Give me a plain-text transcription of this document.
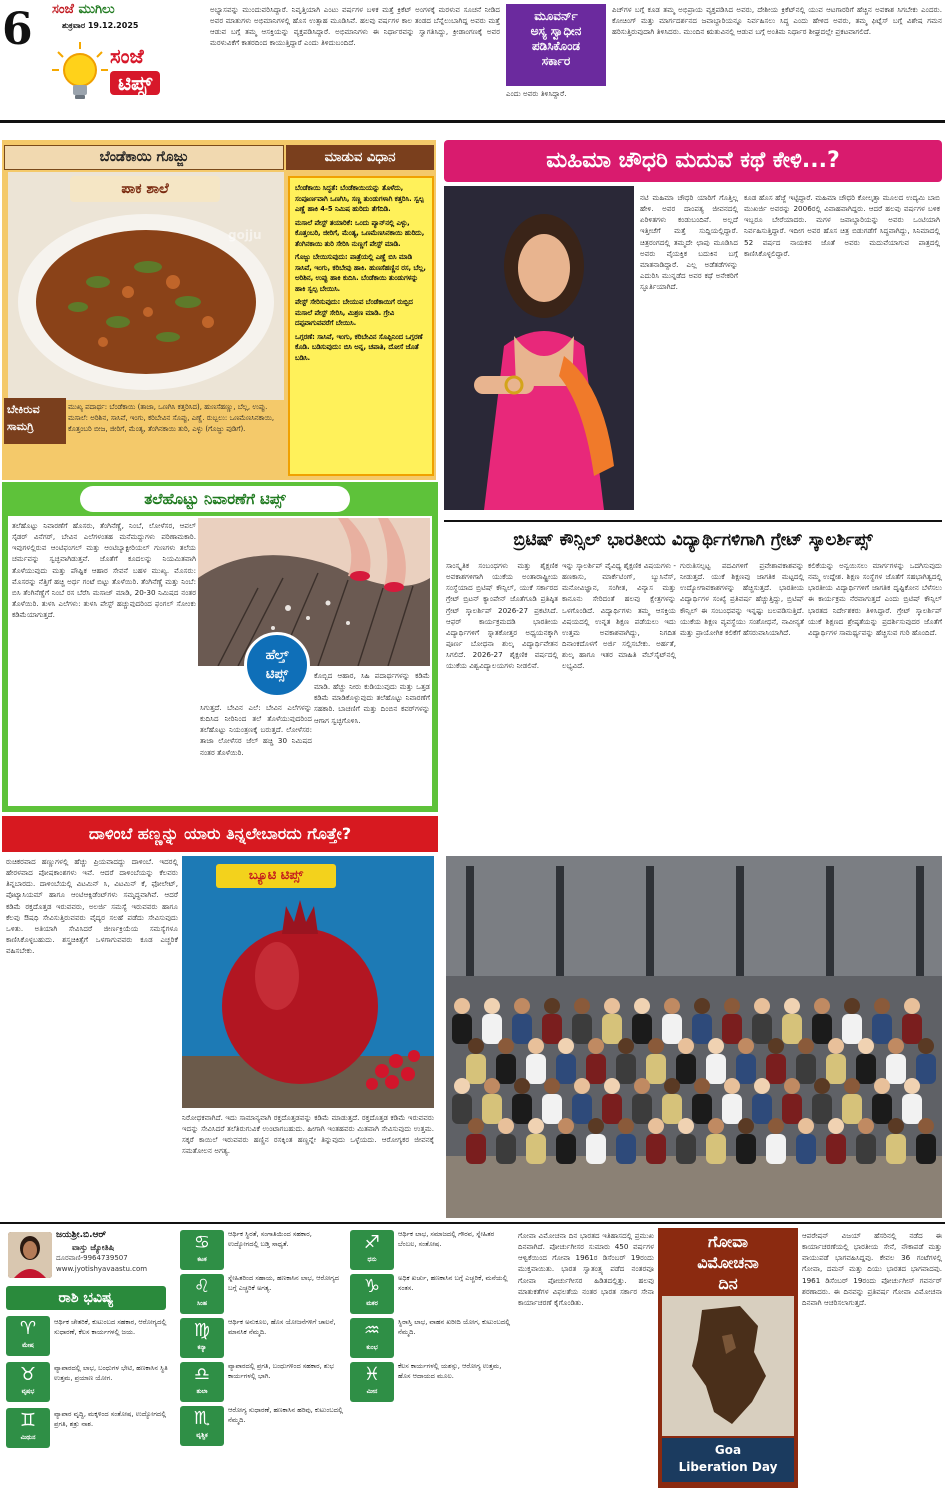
6	ಸಂಜೆ ಮುಗಿಲು
ಶುಕ್ರವಾರ 19.12.2025
ಸಂಜೆ
ಟಿಪ್ಸ್
ಅಭ್ಯಾಸವನ್ನು ಮುಂದುವರಿಸಿದ್ದಾರೆ. ನಿವೃತ್ತಿಯಾಗಿ ಎಂಟು ವರ್ಷಗಳ ಬಳಿಕ ಮತ್ತೆ ಕ್ರಿಕೆಟ್ ಅಂಗಳಕ್ಕೆ ಮರಳುವ ಸೂಚನೆ ನೀಡಿದ ಅವರ ಮಾತುಗಳು ಅಭಿಮಾನಿಗಳಲ್ಲಿ ಹೊಸ ಉತ್ಸಾಹ ಮೂಡಿಸಿವೆ. ಹಲವು ವರ್ಷಗಳ ಕಾಲ ತಂಡದ ಬೆನ್ನೆಲುಬಾಗಿದ್ದ ಅವರು ಮತ್ತೆ ಆಡುವ ಬಗ್ಗೆ ತಮ್ಮ ಆಸಕ್ತಿಯನ್ನು ವ್ಯಕ್ತಪಡಿಸಿದ್ದಾರೆ. ಅಭಿಮಾನಿಗಳು ಈ ನಿರ್ಧಾರವನ್ನು ಸ್ವಾಗತಿಸಿದ್ದು, ಕ್ರೀಡಾಂಗಣಕ್ಕೆ ಅವರ ಮರಳುವಿಕೆಗೆ ಕಾತರದಿಂದ ಕಾಯುತ್ತಿದ್ದಾರೆ ಎಂದು ತಿಳಿದುಬಂದಿದೆ.
ಮೂವರ್ನ್
ಅಸ್ಯ ಸ್ವಾಧೀನ
ಪಡಿಸಿಕೊಂಡ
ಸರ್ಕಾರ
ಎಂದು ಅವರು ತಿಳಿಸಿದ್ದಾರೆ.
ಪಿಚ್‌ಗಳ ಬಗ್ಗೆ ಕೂಡ ತಮ್ಮ ಅಭಿಪ್ರಾಯ ವ್ಯಕ್ತಪಡಿಸಿದ ಅವರು, ದೇಶೀಯ ಕ್ರಿಕೆಟ್‌ನಲ್ಲಿ ಯುವ ಆಟಗಾರರಿಗೆ ಹೆಚ್ಚಿನ ಅವಕಾಶ ಸಿಗಬೇಕು ಎಂದರು. ಕೋಚಿಂಗ್ ಮತ್ತು ಮಾರ್ಗದರ್ಶನದ ಜವಾಬ್ದಾರಿಯನ್ನೂ ನಿರ್ವಹಿಸಲು ಸಿದ್ಧ ಎಂದು ಹೇಳಿದ ಅವರು, ತಮ್ಮ ಫಿಟ್ನೆಸ್ ಬಗ್ಗೆ ವಿಶೇಷ ಗಮನ ಹರಿಸುತ್ತಿರುವುದಾಗಿ ತಿಳಿಸಿದರು. ಮುಂದಿನ ಋತುವಿನಲ್ಲಿ ಆಡುವ ಬಗ್ಗೆ ಅಂತಿಮ ನಿರ್ಧಾರ ಶೀಘ್ರದಲ್ಲೇ ಪ್ರಕಟವಾಗಲಿದೆ.
ಬೆಂಡೆಕಾಯಿ ಗೊಜ್ಜು	ಮಾಡುವ ವಿಧಾನ
ಪಾಕ ಶಾಲೆ
gojju
ಬೇಕಿರುವ
ಸಾಮಗ್ರಿ
ಮುಖ್ಯ ಪದಾರ್ಥ: ಬೆಂಡೆಕಾಯಿ (ತಾಜಾ, ಒಣಗಿಸಿ ಕತ್ತರಿಸಿದ), ಹುಣಸೆಹಣ್ಣು, ಬೆಲ್ಲ, ಉಪ್ಪು. ಮಸಾಲೆ: ಅರಿಶಿನ, ಸಾಸಿವೆ, ಇಂಗು, ಕರಿಬೇವಿನ ಸೊಪ್ಪು, ಎಣ್ಣೆ. ರುಬ್ಬಲು: ಒಣಮೆಣಸಿನಕಾಯಿ, ಕೊತ್ತಂಬರಿ ಬೀಜ, ಜೀರಿಗೆ, ಮೆಂತ್ಯ, ತೆಂಗಿನಕಾಯಿ ತುರಿ, ಎಳ್ಳು (ಗೊಜ್ಜು ಪುಡಿಗೆ).

ಬೆಂಡೆಕಾಯಿ ಸಿದ್ಧತೆ: ಬೆಂಡೆಕಾಯಿಯನ್ನು ತೊಳೆದು, ಸಂಪೂರ್ಣವಾಗಿ ಒಣಗಿಸಿ, ಸಣ್ಣ ತುಂಡುಗಳಾಗಿ ಕತ್ತರಿಸಿ. ಸ್ವಲ್ಪ ಎಣ್ಣೆ ಹಾಕಿ 4-5 ನಿಮಿಷ ಹುರಿದು ತೆಗೆದಿಡಿ.

ಮಸಾಲೆ ಪೇಸ್ಟ್ ತಯಾರಿಕೆ: ಒಂದು ಪ್ಯಾನ್‌ನಲ್ಲಿ ಎಳ್ಳು, ಕೊತ್ತಂಬರಿ, ಜೀರಿಗೆ, ಮೆಂತ್ಯ, ಒಣಮೆಣಸಿನಕಾಯಿ ಹುರಿದು, ತೆಂಗಿನಕಾಯಿ ತುರಿ ಸೇರಿಸಿ ನುಣ್ಣಗೆ ಪೇಸ್ಟ್ ಮಾಡಿ.

ಗೊಜ್ಜು ಬೇಯಿಸುವುದು: ಪಾತ್ರೆಯಲ್ಲಿ ಎಣ್ಣೆ ಬಿಸಿ ಮಾಡಿ ಸಾಸಿವೆ, ಇಂಗು, ಕರಿಬೇವು ಹಾಕಿ. ಹುಣಸೆಹಣ್ಣಿನ ರಸ, ಬೆಲ್ಲ, ಅರಿಶಿನ, ಉಪ್ಪು ಹಾಕಿ ಕುದಿಸಿ. ಬೆಂಡೆಕಾಯಿ ತುಂಡುಗಳನ್ನು ಹಾಕಿ ಸ್ವಲ್ಪ ಬೇಯಿಸಿ.

ಪೇಸ್ಟ್ ಸೇರಿಸುವುದು: ಬೇಯುವ ಬೆಂಡೆಕಾಯಿಗೆ ರುಬ್ಬಿದ ಮಸಾಲೆ ಪೇಸ್ಟ್ ಸೇರಿಸಿ, ಮಿಶ್ರಣ ಮಾಡಿ. ಗ್ರೇವಿ ದಪ್ಪವಾಗುವವರೆಗೆ ಬೇಯಿಸಿ.

ಒಗ್ಗರಣೆ: ಸಾಸಿವೆ, ಇಂಗು, ಕರಿಬೇವಿನ ಸೊಪ್ಪಿನಿಂದ ಒಗ್ಗರಣೆ ಕೊಡಿ. ಬಡಿಸುವುದು: ಬಿಸಿ ಅನ್ನ, ಚಪಾತಿ, ದೋಸೆ ಜೊತೆ ಬಡಿಸಿ.

ಮಹಿಮಾ ಚೌಧರಿ ಮದುವೆ ಕಥೆ ಕೇಳಿ...?
ನಟಿ ಮಹಿಮಾ ಚೌಧರಿ ಯಾರಿಗೆ ಗೊತ್ತಿಲ್ಲ ಹೇಳಿ. ಅವರ ದಾಂಪತ್ಯ ಜೀವನದಲ್ಲಿ ಏರಿಳಿತಗಳು ಕಂಡುಬಂದಿವೆ. ಅಲ್ಲದೆ ಇತ್ತೀಚೆಗೆ ಮತ್ತೆ ಸುದ್ದಿಯಲ್ಲಿದ್ದಾರೆ. ಚಿತ್ರರಂಗದಲ್ಲಿ ತಮ್ಮದೇ ಛಾಪು ಮೂಡಿಸಿದ ಅವರು ವೈಯಕ್ತಿಕ ಬದುಕಿನ ಬಗ್ಗೆ ಮಾತನಾಡಿದ್ದಾರೆ. ಎಲ್ಲ ಅಡೆತಡೆಗಳನ್ನು ಎದುರಿಸಿ ಮುನ್ನಡೆದ ಅವರ ಕಥೆ ಅನೇಕರಿಗೆ ಸ್ಫೂರ್ತಿಯಾಗಿದೆ.
ಕೂಡ ಹೊಸ ಹೆಜ್ಜೆ ಇಟ್ಟಿದ್ದಾರೆ. ಮಹಿಮಾ ಚೌಧರಿ ಕೋಲ್ಕತ್ತಾ ಮೂಲದ ಉದ್ಯಮಿ ಬಾಬಿ ಮುಖರ್ಜಿ ಅವರನ್ನು 2006ರಲ್ಲಿ ವಿವಾಹವಾಗಿದ್ದರು. ಆದರೆ ಹಲವು ವರ್ಷಗಳ ಬಳಿಕ ಇಬ್ಬರೂ ಬೇರೆಯಾದರು. ಮಗಳ ಜವಾಬ್ದಾರಿಯನ್ನು ಅವರು ಒಂಟಿಯಾಗಿ ನಿರ್ವಹಿಸುತ್ತಿದ್ದಾರೆ. ಇದೀಗ ಅವರ ಹೊಸ ಚಿತ್ರ ಬಿಡುಗಡೆಗೆ ಸಿದ್ಧವಾಗಿದ್ದು, ಸಿನಿಮಾದಲ್ಲಿ 52 ವರ್ಷದ ನಾಯಕನ ಜೊತೆ ಅವರು ಮದುವೆಯಾಗುವ ಪಾತ್ರದಲ್ಲಿ ಕಾಣಿಸಿಕೊಳ್ಳಲಿದ್ದಾರೆ.
ತಲೆಹೊಟ್ಟು ನಿವಾರಣೆಗೆ ಟಿಪ್ಸ್
ತಲೆಹೊಟ್ಟು ನಿವಾರಣೆಗೆ ಹೊಸರು, ತೆಂಗಿನೆಣ್ಣೆ, ನಿಂಬೆ, ಲೋಳೆಸರ, ಆಪಲ್ ಸೈಡರ್ ವಿನೆಗರ್, ಬೇವಿನ ಎಲೆಗಳಂತಹ ಮನೆಮದ್ದುಗಳು ಪರಿಣಾಮಕಾರಿ. ಇವುಗಳಲ್ಲಿರುವ ಆಂಟಿಫಂಗಲ್ ಮತ್ತು ಆಂಟಿಬ್ಯಾಕ್ಟೀರಿಯಲ್ ಗುಣಗಳು ತಲೆಯ ಚರ್ಮವನ್ನು ಸ್ವಚ್ಛವಾಗಿಡುತ್ತವೆ. ಜೊತೆಗೆ ಕೂದಲನ್ನು ನಿಯಮಿತವಾಗಿ ತೊಳೆಯುವುದು ಮತ್ತು ಪೌಷ್ಟಿಕ ಆಹಾರ ಸೇವನೆ ಬಹಳ ಮುಖ್ಯ. ಮೊಸರು: ಮೊಸರನ್ನು ನೆತ್ತಿಗೆ ಹಚ್ಚಿ ಅರ್ಧ ಗಂಟೆ ಬಿಟ್ಟು ತೊಳೆಯಿರಿ. ತೆಂಗಿನೆಣ್ಣೆ ಮತ್ತು ನಿಂಬೆ: ಬಿಸಿ ತೆಂಗಿನೆಣ್ಣೆಗೆ ನಿಂಬೆ ರಸ ಬೆರೆಸಿ ಮಸಾಜ್ ಮಾಡಿ, 20-30 ನಿಮಿಷದ ನಂತರ ತೊಳೆಯಿರಿ. ತುಳಸಿ ಎಲೆಗಳು: ತುಳಸಿ ಪೇಸ್ಟ್ ಹಚ್ಚುವುದರಿಂದ ಫಂಗಲ್ ಸೋಂಕು ಕಡಿಮೆಯಾಗುತ್ತದೆ.
ಹೆಲ್ತ್
ಟಿಪ್ಸ್	ಕೊಬ್ಬಿದ ಆಹಾರ, ಸಿಹಿ ಪದಾರ್ಥಗಳನ್ನು ಕಡಿಮೆ ಮಾಡಿ. ಹೆಚ್ಚು ನೀರು ಕುಡಿಯುವುದು ಮತ್ತು ಒತ್ತಡ ಕಡಿಮೆ ಮಾಡಿಕೊಳ್ಳುವುದು ತಲೆಹೊಟ್ಟು ನಿವಾರಣೆಗೆ ಸಹಕಾರಿ. ಬಾಚಣಿಗೆ ಮತ್ತು ದಿಂಬಿನ ಕವರ್‌ಗಳನ್ನು ಆಗಾಗ ಸ್ವಚ್ಛಗೊಳಿಸಿ.
ಸಿಗುತ್ತದೆ. ಬೇವಿನ ಎಲೆ: ಬೇವಿನ ಎಲೆಗಳನ್ನು ಕುದಿಸಿದ ನೀರಿನಿಂದ ತಲೆ ತೊಳೆಯುವುದರಿಂದ ತಲೆಹೊಟ್ಟು ನಿಯಂತ್ರಣಕ್ಕೆ ಬರುತ್ತದೆ. ಲೋಳೆಸರ: ತಾಜಾ ಲೋಳೆಸರ ಜೆಲ್ ಹಚ್ಚಿ 30 ನಿಮಿಷದ ನಂತರ ತೊಳೆಯಿರಿ.
ಬ್ರಿಟಿಷ್ ಕೌನ್ಸಿಲ್ ಭಾರತೀಯ ವಿದ್ಯಾರ್ಥಿಗಳಿಗಾಗಿ ಗ್ರೇಟ್ ಸ್ಕಾಲರ್ಶಿಪ್ಸ್
ಸಾಂಸ್ಕೃತಿಕ ಸಂಬಂಧಗಳು ಮತ್ತು ಶೈಕ್ಷಣಿಕ ಅವಕಾಶಗಳಿಗಾಗಿ ಯುಕೆಯ ಅಂತಾರಾಷ್ಟ್ರೀಯ ಸಂಸ್ಥೆಯಾದ ಬ್ರಿಟಿಷ್ ಕೌನ್ಸಿಲ್, ಯುಕೆ ಸರ್ಕಾರದ ಗ್ರೇಟ್ ಬ್ರಿಟನ್ ಕ್ಯಾಂಪೇನ್ ಜೊತೆಗೂಡಿ ಪ್ರತಿಷ್ಠಿತ ಗ್ರೇಟ್ ಸ್ಕಾಲರ್ಶಿಪ್ 2026-27 ಪ್ರಕಟಿಸಿದೆ. ಆಫರ್ ಕಾರ್ಯಕ್ರಮದಡಿ ಭಾರತೀಯ ವಿದ್ಯಾರ್ಥಿಗಳಿಗೆ ಸ್ನಾತಕೋತ್ತರ ಅಧ್ಯಯನಕ್ಕಾಗಿ ಪೂರ್ಣ ಬೋಧನಾ ಶುಲ್ಕ ವಿದ್ಯಾರ್ಥಿವೇತನ ಸಿಗಲಿದೆ. 2026-27 ಶೈಕ್ಷಣಿಕ ವರ್ಷದಲ್ಲಿ ಯುಕೆಯ ವಿಶ್ವವಿದ್ಯಾಲಯಗಳು ನೀಡಲಿವೆ.
ಇನ್ನು ಸ್ಕಾಲರ್ಶಿಪ್ ವೈವಿಧ್ಯ ಶೈಕ್ಷಣಿಕ ವಿಷಯಗಳು - ಹಣಕಾಸು, ಮಾರ್ಕೆಟಿಂಗ್, ಬ್ಯುಸಿನೆಸ್, ಮನೋವಿಜ್ಞಾನ, ಸಂಗೀತ, ವಿನ್ಯಾಸ ಮತ್ತು ಕಾನೂನು ಸೇರಿದಂತೆ ಹಲವು ಕ್ಷೇತ್ರಗಳನ್ನು ಒಳಗೊಂಡಿದೆ. ವಿದ್ಯಾರ್ಥಿಗಳು ತಮ್ಮ ಆಸಕ್ತಿಯ ವಿಷಯದಲ್ಲಿ ಉನ್ನತ ಶಿಕ್ಷಣ ಪಡೆಯಲು ಇದು ಉತ್ತಮ ಅವಕಾಶವಾಗಿದ್ದು, ನಿಗದಿತ ದಿನಾಂಕದೊಳಗೆ ಅರ್ಜಿ ಸಲ್ಲಿಸಬೇಕು. ಅರ್ಹತೆ, ಶುಲ್ಕ ಹಾಗೂ ಇತರ ಮಾಹಿತಿ ವೆಬ್‌ಸೈಟ್‌ನಲ್ಲಿ ಲಭ್ಯವಿದೆ.
ಗುರುತಿಸಲ್ಪಟ್ಟ ಪದವಿಗಳಿಗೆ ಪ್ರವೇಶಾವಕಾಶವನ್ನು ನೀಡುತ್ತದೆ. ಯುಕೆ ಶಿಕ್ಷಣವು ಜಾಗತಿಕ ಮಟ್ಟದಲ್ಲಿ ಉದ್ಯೋಗಾವಕಾಶಗಳನ್ನು ಹೆಚ್ಚಿಸುತ್ತದೆ. ಭಾರತೀಯ ವಿದ್ಯಾರ್ಥಿಗಳ ಸಂಖ್ಯೆ ಪ್ರತಿವರ್ಷ ಹೆಚ್ಚುತ್ತಿದ್ದು, ಬ್ರಿಟಿಷ್ ಕೌನ್ಸಿಲ್ ಈ ಸಂಬಂಧವನ್ನು ಇನ್ನಷ್ಟು ಬಲಪಡಿಸುತ್ತಿದೆ. ಯುಕೆಯ ಶಿಕ್ಷಣ ವ್ಯವಸ್ಥೆಯು ಸಂಶೋಧನೆ, ನಾವೀನ್ಯತೆ ಮತ್ತು ಪ್ರಾಯೋಗಿಕ ಕಲಿಕೆಗೆ ಹೆಸರುವಾಸಿಯಾಗಿದೆ.
ಕಲಿಕೆಯನ್ನು ಅನ್ವಯಿಸಲು ಮಾರ್ಗಗಳನ್ನು ಒದಗಿಸುವುದು ನಮ್ಮ ಉದ್ದೇಶ. ಶಿಕ್ಷಣ ಸಂಸ್ಥೆಗಳ ಜೊತೆಗೆ ಸಹಭಾಗಿತ್ವದಲ್ಲಿ ಭಾರತೀಯ ವಿದ್ಯಾರ್ಥಿಗಳಿಗೆ ಜಾಗತಿಕ ದೃಷ್ಟಿಕೋನ ಬೆಳೆಸಲು ಈ ಕಾರ್ಯಕ್ರಮ ನೆರವಾಗುತ್ತದೆ ಎಂದು ಬ್ರಿಟಿಷ್ ಕೌನ್ಸಿಲ್ ಭಾರತದ ನಿರ್ದೇಶಕರು ತಿಳಿಸಿದ್ದಾರೆ. ಗ್ರೇಟ್ ಸ್ಕಾಲರ್ಶಿಪ್ ಯುಕೆ ಶಿಕ್ಷಣದ ಶ್ರೇಷ್ಠತೆಯನ್ನು ಪ್ರದರ್ಶಿಸುವುದರ ಜೊತೆಗೆ ವಿದ್ಯಾರ್ಥಿಗಳ ಸಾಮರ್ಥ್ಯವನ್ನು ಹೆಚ್ಚಿಸುವ ಗುರಿ ಹೊಂದಿದೆ.
ದಾಳಿಂಬೆ ಹಣ್ಣನ್ನು ಯಾರು ತಿನ್ನಲೇಬಾರದು ಗೊತ್ತೇ?
ರುಚಿಕರವಾದ ಹಣ್ಣುಗಳಲ್ಲಿ ಹೆಚ್ಚು ಪ್ರಿಯವಾದದ್ದು ದಾಳಿಂಬೆ. ಇದರಲ್ಲಿ ಹೇರಳವಾದ ಪೋಷಕಾಂಶಗಳು ಇವೆ. ಆದರೆ ದಾಳಿಂಬೆಯನ್ನು ಕೆಲವರು ತಿನ್ನಬಾರದು. ದಾಳಿಂಬೆಯಲ್ಲಿ ವಿಟಮಿನ್ ಸಿ, ವಿಟಮಿನ್ ಕೆ, ಫೋಲೇಟ್, ಪೊಟ್ಯಾಸಿಯಮ್ ಹಾಗೂ ಆಂಟಿಆಕ್ಸಿಡೆಂಟ್‌ಗಳು ಸಮೃದ್ಧವಾಗಿವೆ. ಆದರೆ ಕಡಿಮೆ ರಕ್ತದೊತ್ತಡ ಇರುವವರು, ಅಲರ್ಜಿ ಸಮಸ್ಯೆ ಇರುವವರು ಹಾಗೂ ಕೆಲವು ಔಷಧಿ ಸೇವಿಸುತ್ತಿರುವವರು ವೈದ್ಯರ ಸಲಹೆ ಪಡೆದು ಸೇವಿಸುವುದು ಒಳಿತು. ಅತಿಯಾಗಿ ಸೇವಿಸಿದರೆ ಜೀರ್ಣಕ್ರಿಯೆಯ ಸಮಸ್ಯೆಗಳೂ ಕಾಣಿಸಿಕೊಳ್ಳಬಹುದು. ಶಸ್ತ್ರಚಿಕಿತ್ಸೆಗೆ ಒಳಗಾಗುವವರು ಕೂಡ ಎಚ್ಚರಿಕೆ ವಹಿಸಬೇಕು.
ಬ್ಯೂಟಿ ಟಿಪ್ಸ್
ನಿರೋಧಕವಾಗಿದೆ. ಇದು ಸಾಮಾನ್ಯವಾಗಿ ರಕ್ತದೊತ್ತಡವನ್ನು ಕಡಿಮೆ ಮಾಡುತ್ತದೆ. ರಕ್ತದೊತ್ತಡ ಕಡಿಮೆ ಇರುವವರು ಇದನ್ನು ಸೇವಿಸಿದರೆ ತಲೆತಿರುಗುವಿಕೆ ಉಂಟಾಗಬಹುದು. ಹೀಗಾಗಿ ಇಂತಹವರು ಮಿತವಾಗಿ ಸೇವಿಸುವುದು ಉತ್ತಮ. ಸಕ್ಕರೆ ಕಾಯಿಲೆ ಇರುವವರು ಹಣ್ಣಿನ ರಸಕ್ಕಿಂತ ಹಣ್ಣನ್ನೇ ತಿನ್ನುವುದು ಒಳ್ಳೆಯದು. ಆರೋಗ್ಯಕರ ಜೀವನಕ್ಕೆ ಸಮತೋಲನ ಅಗತ್ಯ.
ಜಯಶ್ರೀ.ಬಿ.ಆರ್
ವಾಸ್ತು ಜ್ಯೋತಿಷಿ
ದೂರವಾಣಿ-9964739507
www.jyotishyavaastu.com
ರಾಶಿ ಭವಿಷ್ಯ
♈
ಮೇಷ
ಆರ್ಥಿಕ ಚೇತರಿಕೆ, ಕುಟುಂಬದ ಸಹಕಾರ, ಆರೋಗ್ಯದಲ್ಲಿ ಸುಧಾರಣೆ, ಕೆಲಸ ಕಾರ್ಯಗಳಲ್ಲಿ ಜಯ.
♉
ವೃಷಭ
ವ್ಯಾಪಾರದಲ್ಲಿ ಲಾಭ, ಬಂಧುಗಳ ಭೇಟಿ, ಹಣಕಾಸಿನ ಸ್ಥಿತಿ ಉತ್ತಮ, ಪ್ರಯಾಣ ಯೋಗ.
♊
ಮಿಥುನ
ವ್ಯಾಪಾರ ವೃದ್ಧಿ, ಮಕ್ಕಳಿಂದ ಸಂತೋಷ, ಉದ್ಯೋಗದಲ್ಲಿ ಪ್ರಗತಿ, ಶತ್ರು ನಾಶ.
♋
ಕಟಕ
ಆರ್ಥಿಕ ಸ್ಥಿರತೆ, ಸಂಗಾತಿಯಿಂದ ಸಹಕಾರ, ಉದ್ಯೋಗದಲ್ಲಿ ಬಡ್ತಿ ಸಾಧ್ಯತೆ.
♌
ಸಿಂಹ
ಸ್ನೇಹಿತರಿಂದ ಸಹಾಯ, ಹಣಕಾಸಿನ ಲಾಭ, ಆರೋಗ್ಯದ ಬಗ್ಗೆ ಎಚ್ಚರಿಕೆ ಅಗತ್ಯ.
♍
ಕನ್ಯಾ
ಆರ್ಥಿಕ ಅನುಕೂಲ, ಹೊಸ ಯೋಜನೆಗಳಿಗೆ ಚಾಲನೆ, ಮಾನಸಿಕ ನೆಮ್ಮದಿ.
♎
ತುಲಾ
ವ್ಯಾಪಾರದಲ್ಲಿ ಪ್ರಗತಿ, ಬಂಧುಗಳಿಂದ ಸಹಕಾರ, ಶುಭ ಕಾರ್ಯಗಳಲ್ಲಿ ಭಾಗಿ.
♏
ವೃಶ್ಚಿಕ
ಆರೋಗ್ಯ ಸುಧಾರಣೆ, ಹಣಕಾಸಿನ ಹರಿವು, ಕುಟುಂಬದಲ್ಲಿ ನೆಮ್ಮದಿ.
♐
ಧನು
ಆರ್ಥಿಕ ಲಾಭ, ಸಮಾಜದಲ್ಲಿ ಗೌರವ, ಸ್ನೇಹಿತರ ಬೆಂಬಲ, ಸಂತೋಷ.
♑
ಮಕರ
ಅಧಿಕ ಖರ್ಚು, ಹಣಕಾಸಿನ ಬಗ್ಗೆ ಎಚ್ಚರಿಕೆ, ಮನೆಯಲ್ಲಿ ಸಂತಸ.
♒
ಕುಂಭ
ಸ್ಥಿರಾಸ್ತಿ ಲಾಭ, ವಾಹನ ಖರೀದಿ ಯೋಗ, ಕುಟುಂಬದಲ್ಲಿ ನೆಮ್ಮದಿ.
♓
ಮೀನ
ಕೆಲಸ ಕಾರ್ಯಗಳಲ್ಲಿ ಯಶಸ್ಸು, ಆರೋಗ್ಯ ಉತ್ತಮ, ಹೊಸ ಆದಾಯದ ಮೂಲ.
ಗೋವಾ ವಿಮೋಚನಾ ದಿನ ಭಾರತದ ಇತಿಹಾಸದಲ್ಲಿ ಪ್ರಮುಖ ದಿನವಾಗಿದೆ. ಪೋರ್ಚುಗೀಸರ ಸುಮಾರು 450 ವರ್ಷಗಳ ಆಳ್ವಿಕೆಯಿಂದ ಗೋವಾ 1961ರ ಡಿಸೆಂಬರ್ 19ರಂದು ಮುಕ್ತವಾಯಿತು. ಭಾರತ ಸ್ವಾತಂತ್ರ್ಯ ಪಡೆದ ನಂತರವೂ ಗೋವಾ ಪೋರ್ಚುಗೀಸರ ಹಿಡಿತದಲ್ಲಿತ್ತು. ಹಲವು ಮಾತುಕತೆಗಳ ವಿಫಲತೆಯ ನಂತರ ಭಾರತ ಸರ್ಕಾರ ಸೇನಾ ಕಾರ್ಯಾಚರಣೆ ಕೈಗೊಂಡಿತು.
ಗೋವಾ
ವಿಮೋಚನಾ
ದಿನ
Goa
Liberation Day
ಆಪರೇಷನ್ ವಿಜಯ್ ಹೆಸರಿನಲ್ಲಿ ನಡೆದ ಈ ಕಾರ್ಯಾಚರಣೆಯಲ್ಲಿ ಭಾರತೀಯ ಸೇನೆ, ನೌಕಾಪಡೆ ಮತ್ತು ವಾಯುಪಡೆ ಭಾಗವಹಿಸಿದ್ದವು. ಕೇವಲ 36 ಗಂಟೆಗಳಲ್ಲಿ ಗೋವಾ, ದಮನ್ ಮತ್ತು ದಿಯು ಭಾರತದ ಭಾಗವಾದವು. 1961 ಡಿಸೆಂಬರ್ 19ರಂದು ಪೋರ್ಚುಗೀಸ್ ಗವರ್ನರ್ ಶರಣಾದರು. ಈ ದಿನವನ್ನು ಪ್ರತಿವರ್ಷ ಗೋವಾ ವಿಮೋಚನಾ ದಿನವಾಗಿ ಆಚರಿಸಲಾಗುತ್ತದೆ.
